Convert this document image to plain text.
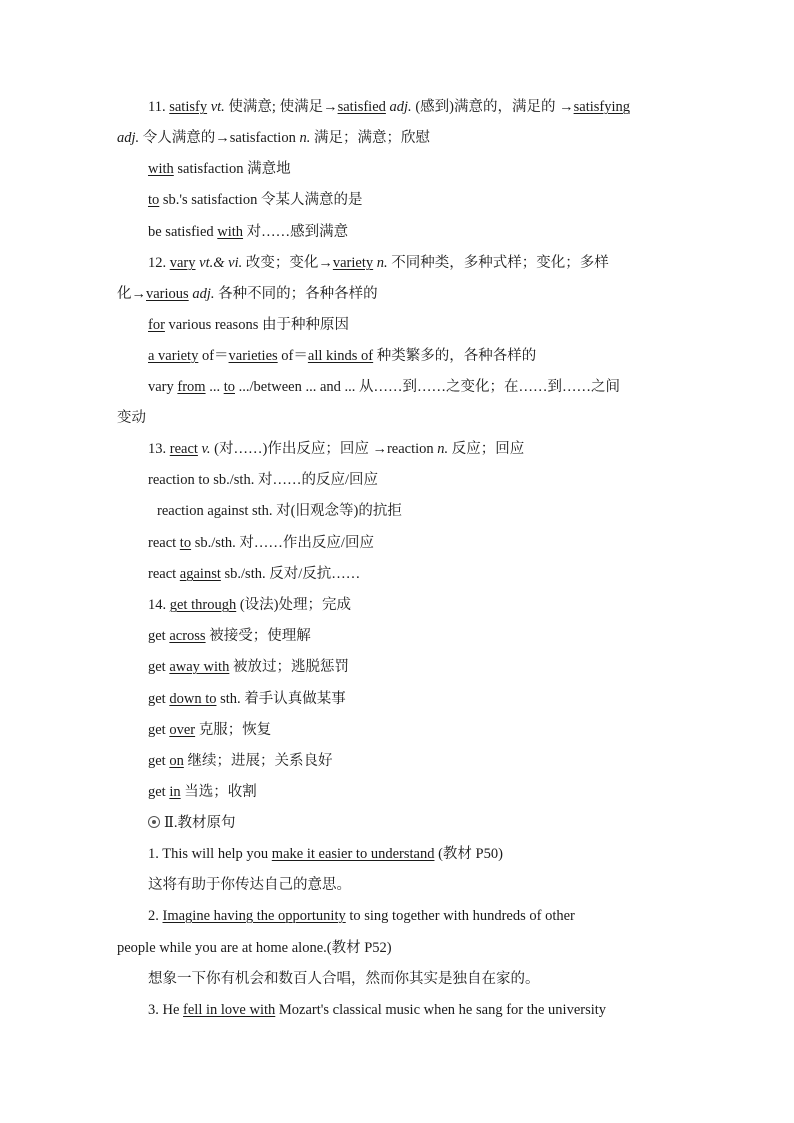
11. satisfy vt. 使满意; 使满足→satisfied adj. (感到)满意的，满足的 →satisfying
adj. 令人满意的→satisfaction n. 满足；满意；欣慰
with satisfaction 满意地
to sb.'s satisfaction 令某人满意的是
be satisfied with 对……感到满意
12. vary vt.& vi. 改变；变化→variety n. 不同种类，多种式样；变化；多样
化→various adj. 各种不同的；各种各样的
for various reasons 由于种种原因
a variety of＝varieties of＝all kinds of 种类繁多的，各种各样的
vary from ... to .../between ... and ... 从……到……之变化；在……到……之间
变动
13. react v. (对……)作出反应；回应 →reaction n. 反应；回应
reaction to sb./sth. 对……的反应/回应
reaction against sth. 对(旧观念等)的抗拒
react to sb./sth. 对……作出反应/回应
react against sb./sth. 反对/反抗……
14. get through (设法)处理；完成
get across 被接受；使理解
get away with 被放过；逃脱惩罚
get down to sth. 着手认真做某事
get over 克服；恢复
get on 继续；进展；关系良好
get in 当选；收割
Ⅱ.教材原句
1. This will help you make it easier to understand (教材 P50)
这将有助于你传达自己的意思。
2. Imagine having the opportunity to sing together with hundreds of other
people while you are at home alone.(教材 P52)
想象一下你有机会和数百人合唱，然而你其实是独自在家的。
3. He fell in love with Mozart's classical music when he sang for the university
